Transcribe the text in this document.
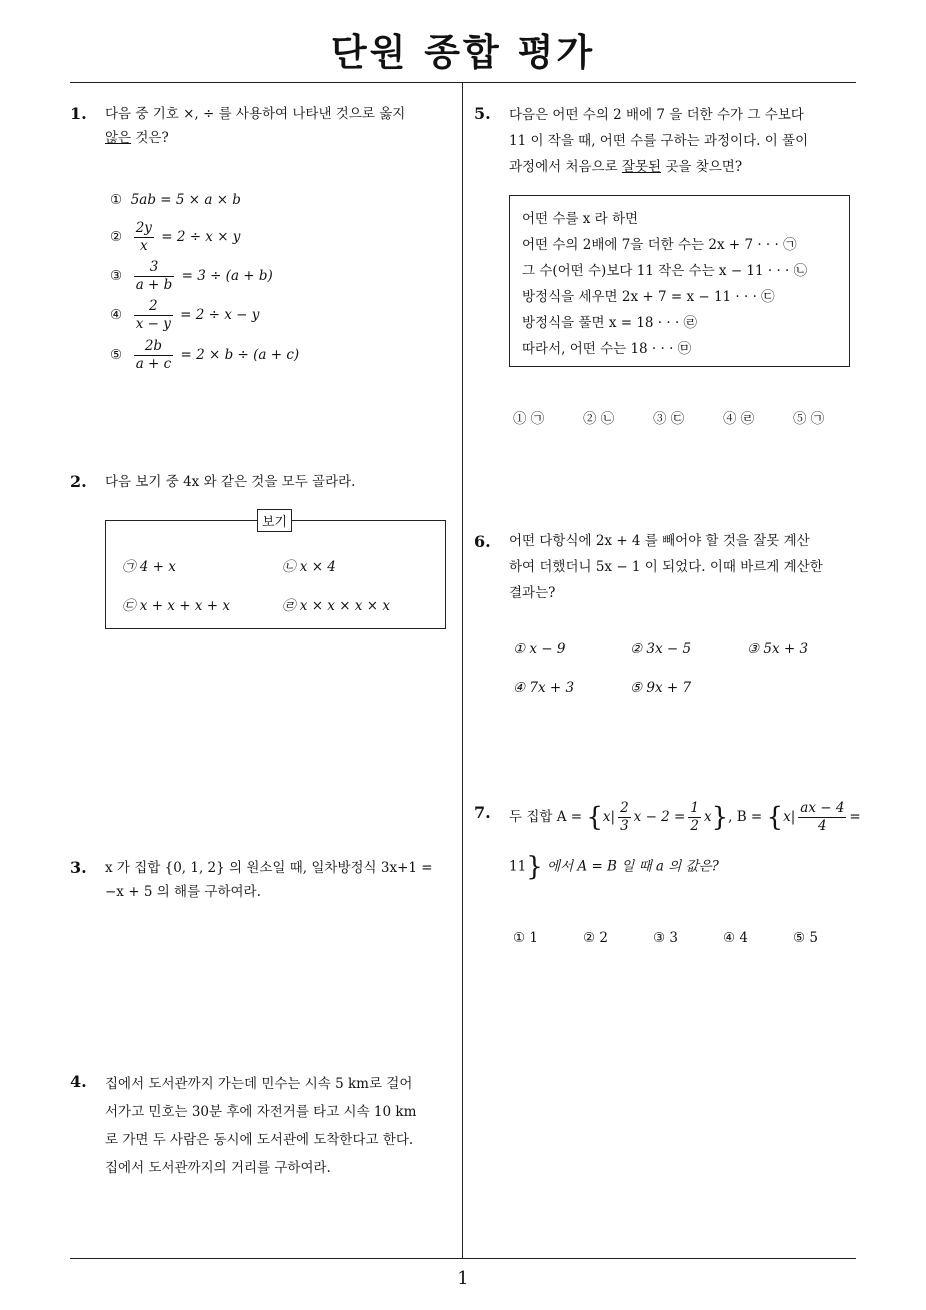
단원 종합 평가
1
1. 다음 중 기호 ×, ÷ 를 사용하여 나타낸 것으로 옳지
않은 것은?
① 5ab = 5 × a × b
② $\frac{2y}{x} = 2 \div x \times y$
③ $\frac{3}{a + b} = 3 \div (a + b)$
④ $\frac{2}{x - y} = 2 \div x - y$
⑤ $\frac{2b}{a + c} = 2 \times b \div (a + c)$
2. 다음 보기 중 4x 와 같은 것을 모두 골라라.
보기
㉠ 4 + x	㉡ x × 4
㉢ x + x + x + x	㉣ x × x × x × x
3. x 가 집합 {0, 1, 2} 의 원소일 때, 일차방정식 3x+1 =
−x + 5 의 해를 구하여라.
4. 집에서 도서관까지 가는데 민수는 시속 5 km로 걸어
서가고 민호는 30분 후에 자전거를 타고 시속 10 km
로 가면 두 사람은 동시에 도서관에 도착한다고 한다.
집에서 도서관까지의 거리를 구하여라.
5. 다음은 어떤 수의 2 배에 7 을 더한 수가 그 수보다
11 이 작을 때, 어떤 수를 구하는 과정이다. 이 풀이
과정에서 처음으로 잘못된 곳을 찾으면?
어떤 수를 x 라 하면
어떤 수의 2배에 7을 더한 수는 2x + 7 · · · ㉠
그 수(어떤 수)보다 11 작은 수는 x − 11 · · · ㉡
방정식을 세우면 2x + 7 = x − 11 · · · ㉢
방정식을 풀면 x = 18 · · · ㉣
따라서, 어떤 수는 18 · · · ㉤
① ㉠	② ㉡	③ ㉢	④ ㉣	⑤ ㉠
6. 어떤 다항식에 2x + 4 를 빼어야 할 것을 잘못 계산
하여 더했더니 5x − 1 이 되었다. 이때 바르게 계산한
결과는?
① x − 9	② 3x − 5	③ 5x + 3
④ 7x + 3	⑤ 9x + 7
7. 두 집합 $A = \{x| \frac{2}{3}$ $x - 2 = \frac{1}{2} x$}, $B = \{x| \frac{ax - 4}{4}$ =
11} 에서 A = B 일 때 a 의 값은?
① 1	② 2	③ 3	④ 4	⑤ 5
